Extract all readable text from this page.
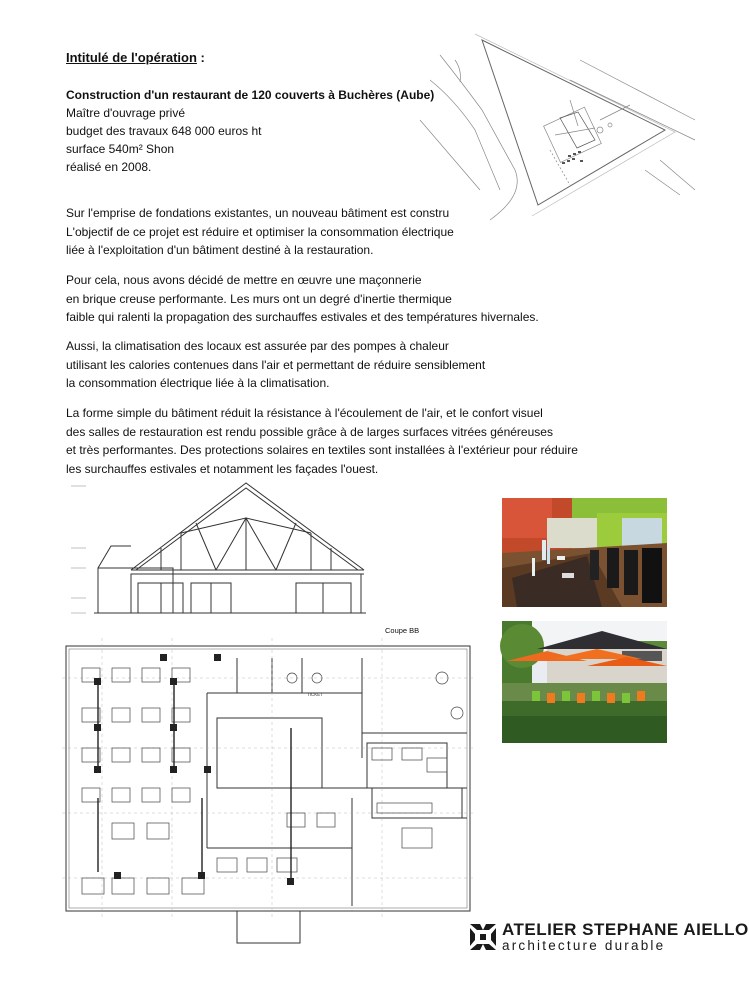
Intitulé de l'opération :
Construction d'un restaurant de 120 couverts à Buchères (Aube)
Maître d'ouvrage privé
budget des travaux 648 000 euros ht
surface 540m² Shon
réalisé en 2008.
Sur l'emprise de fondations existantes, un nouveau bâtiment est constru
L'objectif de ce projet est réduire et optimiser la consommation électrique
liée à l'exploitation d'un bâtiment destiné à la restauration.
Pour cela, nous avons décidé de mettre en œuvre une maçonnerie
en brique creuse performante. Les murs ont un degré d'inertie thermique
faible qui ralenti la propagation des surchauffes estivales et des températures hivernales.
Aussi, la climatisation des locaux est assurée par des pompes à chaleur
utilisant les calories contenues dans l'air et permettant de réduire sensiblement
la consommation électrique liée à la climatisation.
La forme simple du bâtiment réduit la résistance à l'écoulement de l'air, et le confort visuel
des salles de restauration est rendu possible grâce à de larges surfaces vitrées généreuses
et très performantes. Des protections solaires en textiles sont installées à l'extérieur pour réduire
les surchauffes estivales et notamment les façades l'ouest.
Coupe BB
TICKET
ATELIER STEPHANE AIELLO
architecture durable
